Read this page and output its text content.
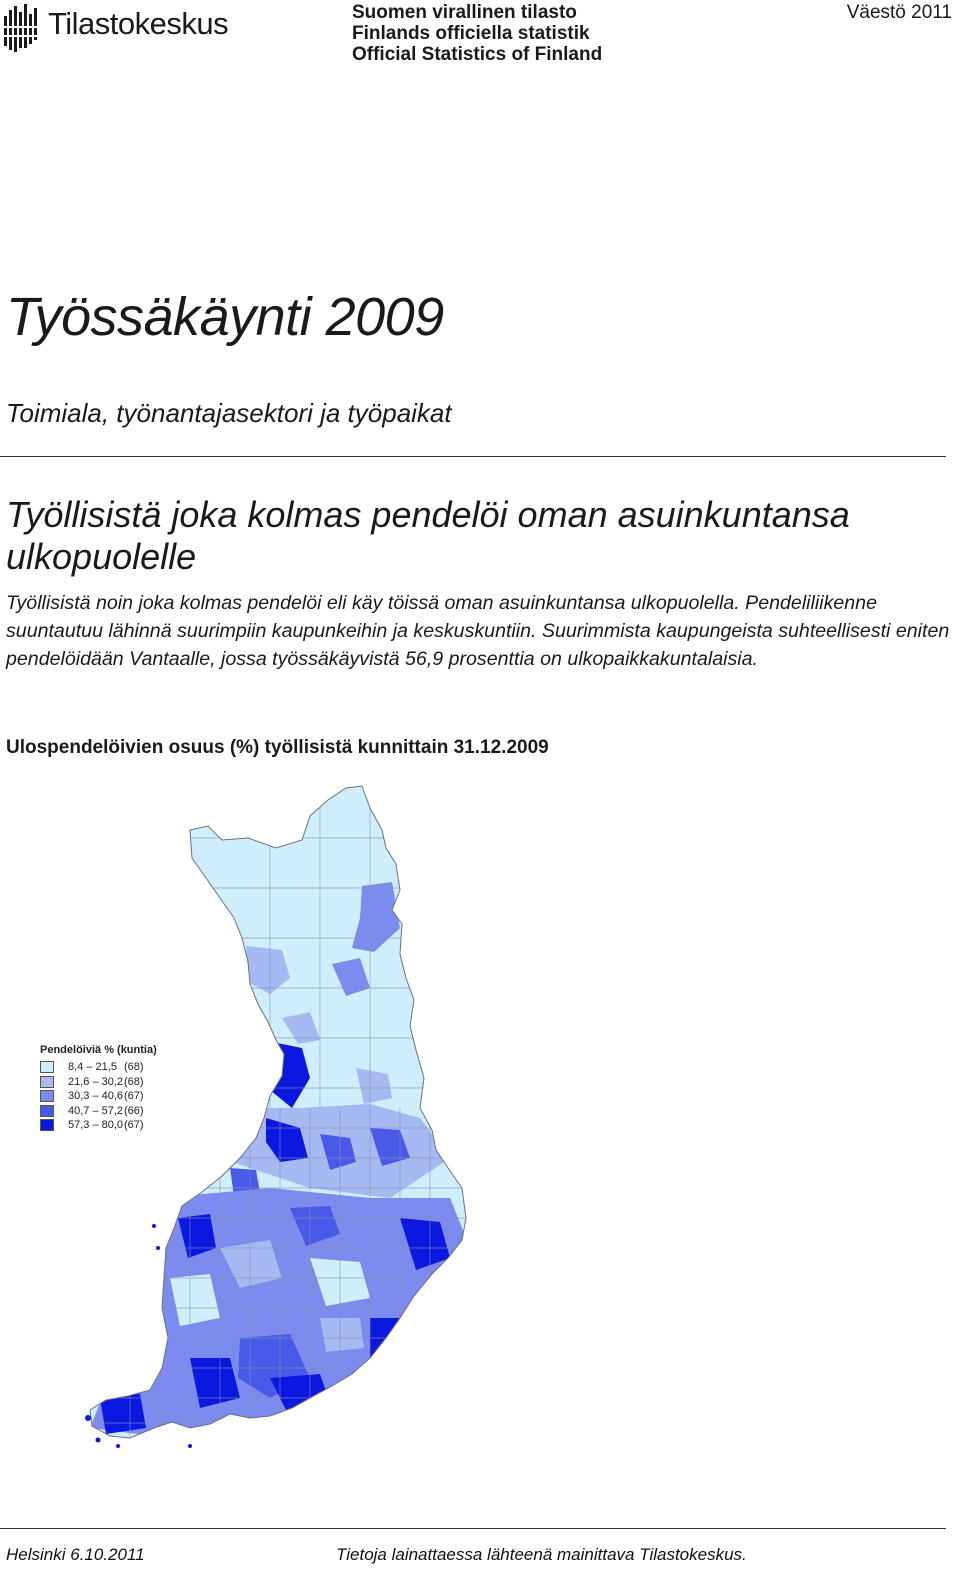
Tilastokeskus	Suomen virallinen tilasto
Finlands officiella statistik
Official Statistics of Finland
Väestö 2011
Työssäkäynti 2009
Toimiala, työnantajasektori ja työpaikat
Työllisistä joka kolmas pendelöi oman asuinkuntansa ulkopuolelle
Työllisistä noin joka kolmas pendelöi eli käy töissä oman asuinkuntansa ulkopuolella. Pendeliliikenne suuntautuu lähinnä suurimpiin kaupunkeihin ja keskuskuntiin. Suurimmista kaupungeista suhteellisesti eniten pendelöidään Vantaalle, jossa työssäkäyvistä 56,9 prosenttia on ulkopaikkakuntalaisia.
Ulospendelöivien osuus (%) työllisistä kunnittain 31.12.2009
Pendelöiviä % (kuntia)
8,4 – 21,5 (68)
21,6 – 30,2 (68)
30,3 – 40,6 (67)
40,7 – 57,2 (66)
57,3 – 80,0 (67)
Helsinki 6.10.2011	Tietoja lainattaessa lähteenä mainittava Tilastokeskus.
